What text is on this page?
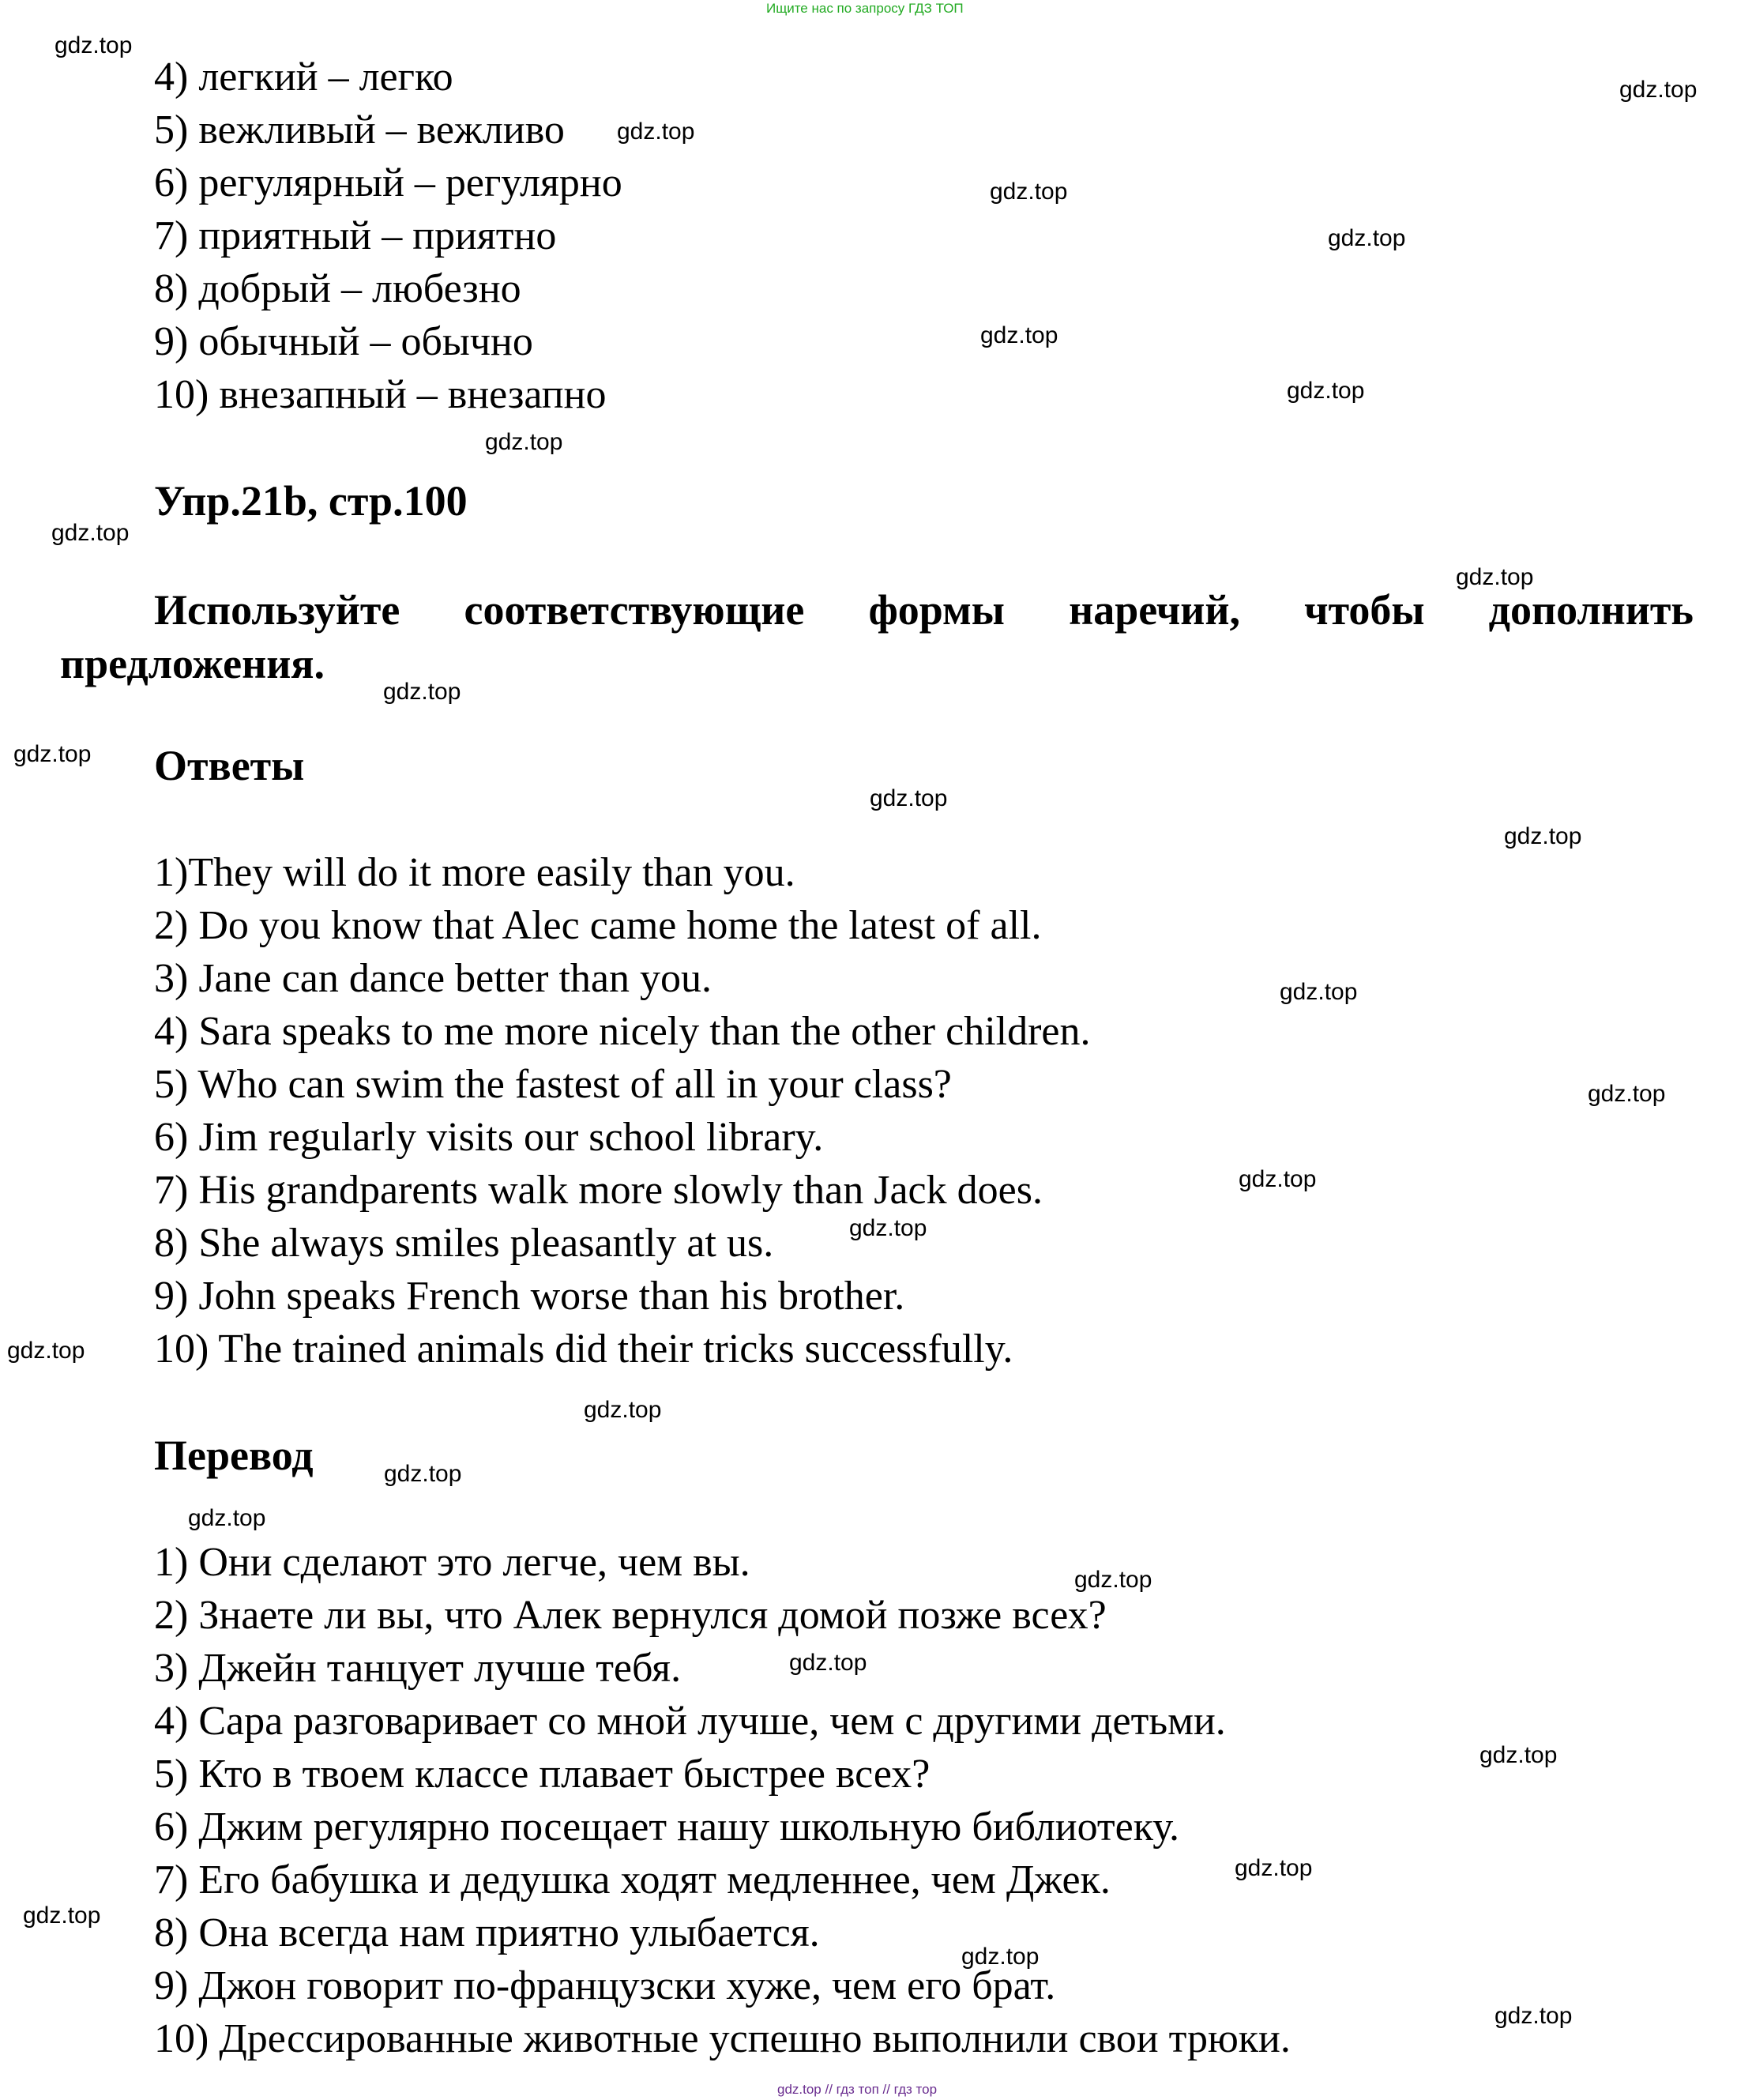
Ищите нас по запросу ГДЗ ТОП
gdz.top // гдз топ // гдз тор
4) легкий – легко
5) вежливый – вежливо
6) регулярный – регулярно
7) приятный – приятно
8) добрый – любезно
9) обычный – обычно
10) внезапный – внезапно
Упр.21b, стр.100
Используйте соответствующие формы наречий, чтобы дополнить предложения.
Ответы
1)They will do it more easily than you.
2) Do you know that Alec came home the latest of all.
3) Jane can dance better than you.
4) Sara speaks to me more nicely than the other children.
5) Who can swim the fastest of all in your class?
6) Jim regularly visits our school library.
7) His grandparents walk more slowly than Jack does.
8) She always smiles pleasantly at us.
9) John speaks French worse than his brother.
10) The trained animals did their tricks successfully.
Перевод
1) Они сделают это легче, чем вы.
2) Знаете ли вы, что Алек вернулся домой позже всех?
3) Джейн танцует лучше тебя.
4) Сара разговаривает со мной лучше, чем с другими детьми.
5) Кто в твоем классе плавает быстрее всех?
6) Джим регулярно посещает нашу школьную библиотеку.
7) Его бабушка и дедушка ходят медленнее, чем Джек.
8) Она всегда нам приятно улыбается.
9) Джон говорит по-французски хуже, чем его брат.
10) Дрессированные животные успешно выполнили свои трюки.
gdz.top
gdz.top
gdz.top
gdz.top
gdz.top
gdz.top
gdz.top
gdz.top
gdz.top
gdz.top
gdz.top
gdz.top
gdz.top
gdz.top
gdz.top
gdz.top
gdz.top
gdz.top
gdz.top
gdz.top
gdz.top
gdz.top
gdz.top
gdz.top
gdz.top
gdz.top
gdz.top
gdz.top
gdz.top
